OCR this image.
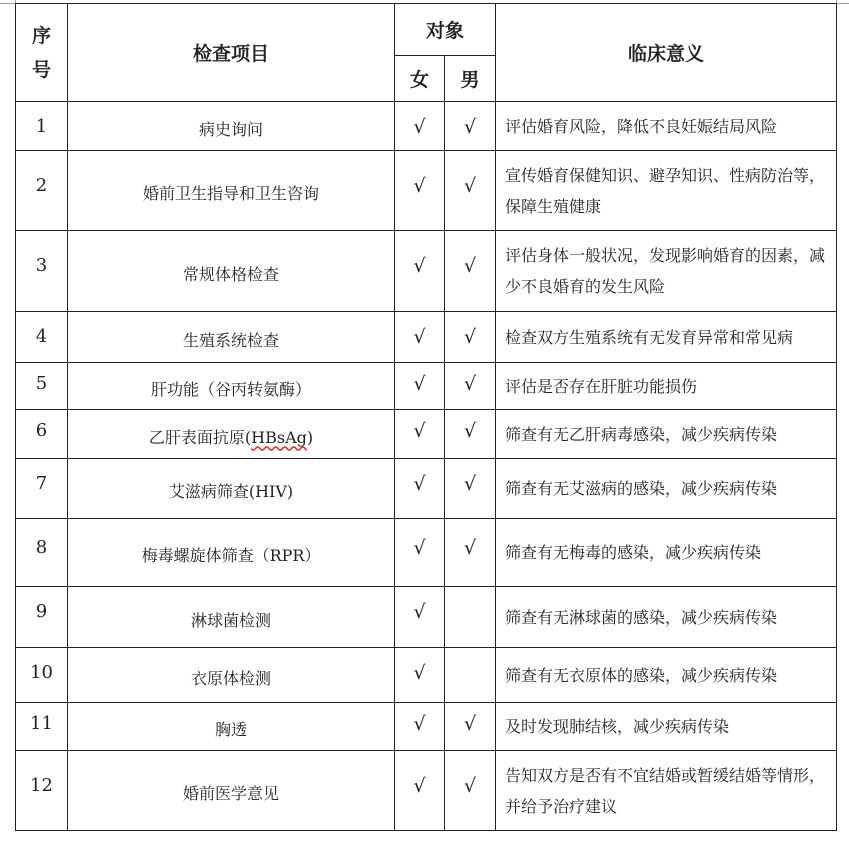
序号	检查项目	对象		临床意义
		女	男	
1	病史询问	√	√	评估婚育风险，降低不良妊娠结局风险
2	婚前卫生指导和卫生咨询	√	√	宣传婚育保健知识、避孕知识、性病防治等，保障生殖健康
3	常规体格检查	√	√	评估身体一般状况，发现影响婚育的因素，减少不良婚育的发生风险
4	生殖系统检查	√	√	检查双方生殖系统有无发育异常和常见病
5	肝功能（谷丙转氨酶）	√	√	评估是否存在肝脏功能损伤
6	乙肝表面抗原(HBsAg)	√	√	筛查有无乙肝病毒感染，减少疾病传染
7	艾滋病筛查(HIV)	√	√	筛查有无艾滋病的感染，减少疾病传染
8	梅毒螺旋体筛查（RPR）	√	√	筛查有无梅毒的感染，减少疾病传染
9	淋球菌检测	√		筛查有无淋球菌的感染，减少疾病传染
10	衣原体检测	√		筛查有无衣原体的感染，减少疾病传染
11	胸透	√	√	及时发现肺结核，减少疾病传染
12	婚前医学意见	√	√	告知双方是否有不宜结婚或暂缓结婚等情形，并给予治疗建议
